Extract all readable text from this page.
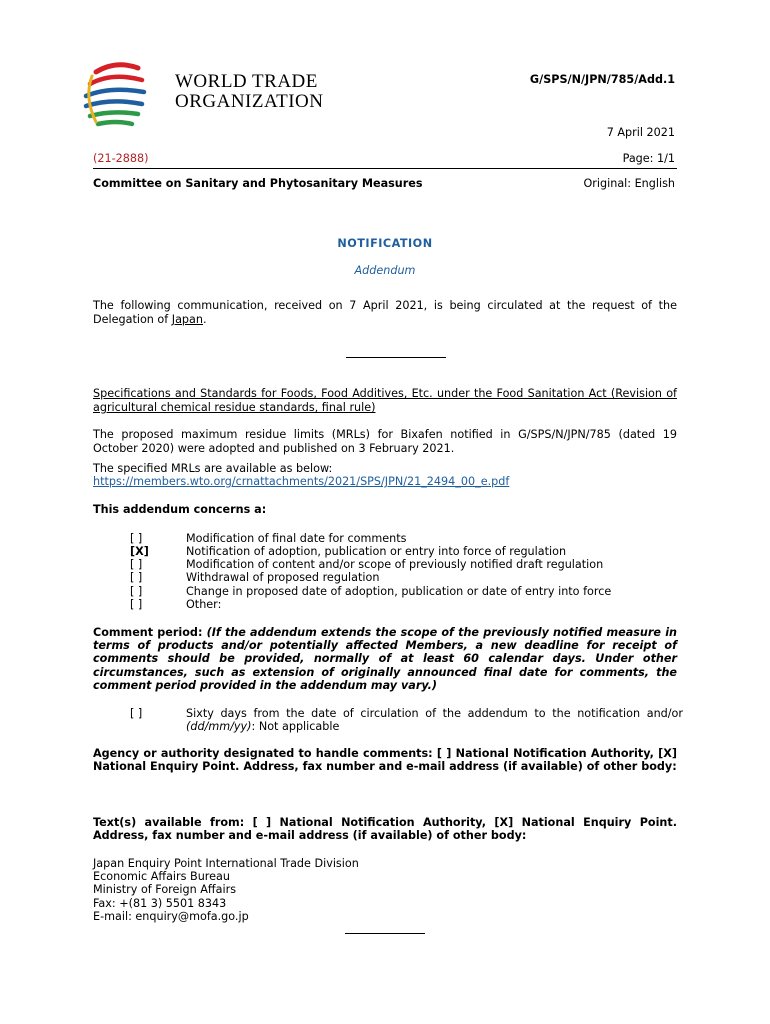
WORLD TRADE
ORGANIZATION
G/SPS/N/JPN/785/Add.1
7 April 2021
(21-2888)	Page: 1/1
Committee on Sanitary and Phytosanitary Measures	Original: English
NOTIFICATION
Addendum
The following communication, received on 7 April 2021, is being circulated at the request of the Delegation of Japan.
Specifications and Standards for Foods, Food Additives, Etc. under the Food Sanitation Act (Revision of agricultural chemical residue standards, final rule)
The proposed maximum residue limits (MRLs) for Bixafen notified in G/SPS/N/JPN/785 (dated 19 October 2020) were adopted and published on 3 February 2021.
The specified MRLs are available as below:
https://members.wto.org/crnattachments/2021/SPS/JPN/21_2494_00_e.pdf
This addendum concerns a:
[ ]	Modification of final date for comments
[X]	Notification of adoption, publication or entry into force of regulation
[ ]	Modification of content and/or scope of previously notified draft regulation
[ ]	Withdrawal of proposed regulation
[ ]	Change in proposed date of adoption, publication or date of entry into force
[ ]	Other:
Comment period: (If the addendum extends the scope of the previously notified measure in terms of products and/or potentially affected Members, a new deadline for receipt of comments should be provided, normally of at least 60 calendar days. Under other circumstances, such as extension of originally announced final date for comments, the comment period provided in the addendum may vary.)
[ ]	Sixty days from the date of circulation of the addendum to the notification and/or (dd/mm/yy): Not applicable
Agency or authority designated to handle comments: [ ] National Notification Authority, [X] National Enquiry Point. Address, fax number and e-mail address (if available) of other body:
Text(s) available from: [ ] National Notification Authority, [X] National Enquiry Point. Address, fax number and e-mail address (if available) of other body:
Japan Enquiry Point International Trade Division
Economic Affairs Bureau
Ministry of Foreign Affairs
Fax: +(81 3) 5501 8343
E-mail: enquiry@mofa.go.jp
